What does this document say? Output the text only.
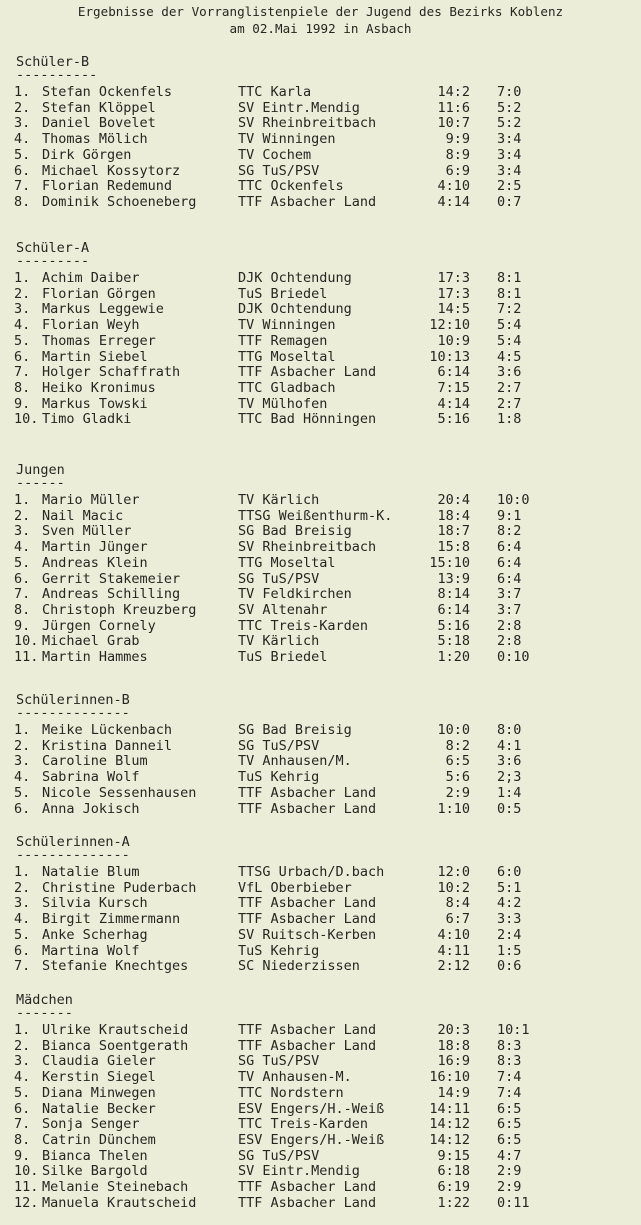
Ergebnisse der Vorranglistenpiele der Jugend des Bezirks Koblenz
am 02.Mai 1992 in Asbach
Schüler-B
----------
1. Stefan Ockenfels	TTC Karla	14:2 7:0
2. Stefan Klöppel	SV Eintr.Mendig	11:6 5:2
3. Daniel Bovelet	SV Rheinbreitbach	10:7 5:2
4. Thomas Mölich	TV Winningen	9:9 3:4
5. Dirk Görgen	TV Cochem	8:9 3:4
6. Michael Kossytorz	SG TuS/PSV	6:9 3:4
7. Florian Redemund	TTC Ockenfels	4:10 2:5
8. Dominik Schoeneberg	TTF Asbacher Land	4:14 0:7
Schüler-A
---------
1. Achim Daiber	DJK Ochtendung	17:3 8:1
2. Florian Görgen	TuS Briedel	17:3 8:1
3. Markus Leggewie	DJK Ochtendung	14:5 7:2
4. Florian Weyh	TV Winningen	12:10 5:4
5. Thomas Erreger	TTF Remagen	10:9 5:4
6. Martin Siebel	TTG Moseltal	10:13 4:5
7. Holger Schaffrath	TTF Asbacher Land	6:14 3:6
8. Heiko Kronimus	TTC Gladbach	7:15 2:7
9. Markus Towski	TV Mülhofen	4:14 2:7
10. Timo Gladki	TTC Bad Hönningen	5:16 1:8
Jungen
------
1. Mario Müller	TV Kärlich	20:4 10:0
2. Nail Macic	TTSG Weißenthurm-K.	18:4 9:1
3. Sven Müller	SG Bad Breisig	18:7 8:2
4. Martin Jünger	SV Rheinbreitbach	15:8 6:4
5. Andreas Klein	TTG Moseltal	15:10 6:4
6. Gerrit Stakemeier	SG TuS/PSV	13:9 6:4
7. Andreas Schilling	TV Feldkirchen	8:14 3:7
8. Christoph Kreuzberg	SV Altenahr	6:14 3:7
9. Jürgen Cornely	TTC Treis-Karden	5:16 2:8
10. Michael Grab	TV Kärlich	5:18 2:8
11. Martin Hammes	TuS Briedel	1:20 0:10
Schülerinnen-B
--------------
1. Meike Lückenbach	SG Bad Breisig	10:0 8:0
2. Kristina Danneil	SG TuS/PSV	8:2 4:1
3. Caroline Blum	TV Anhausen/M.	6:5 3:6
4. Sabrina Wolf	TuS Kehrig	5:6 2;3
5. Nicole Sessenhausen	TTF Asbacher Land	2:9 1:4
6. Anna Jokisch	TTF Asbacher Land	1:10 0:5
Schülerinnen-A
--------------
1. Natalie Blum	TTSG Urbach/D.bach	12:0 6:0
2. Christine Puderbach	VfL Oberbieber	10:2 5:1
3. Silvia Kursch	TTF Asbacher Land	8:4 4:2
4. Birgit Zimmermann	TTF Asbacher Land	6:7 3:3
5. Anke Scherhag	SV Ruitsch-Kerben	4:10 2:4
6. Martina Wolf	TuS Kehrig	4:11 1:5
7. Stefanie Knechtges	SC Niederzissen	2:12 0:6
Mädchen
-------
1. Ulrike Krautscheid	TTF Asbacher Land	20:3 10:1
2. Bianca Soentgerath	TTF Asbacher Land	18:8 8:3
3. Claudia Gieler	SG TuS/PSV	16:9 8:3
4. Kerstin Siegel	TV Anhausen-M.	16:10 7:4
5. Diana Minwegen	TTC Nordstern	14:9 7:4
6. Natalie Becker	ESV Engers/H.-Weiß	14:11 6:5
7. Sonja Senger	TTC Treis-Karden	14:12 6:5
8. Catrin Dünchem	ESV Engers/H.-Weiß	14:12 6:5
9. Bianca Thelen	SG TuS/PSV	9:15 4:7
10. Silke Bargold	SV Eintr.Mendig	6:18 2:9
11. Melanie Steinebach	TTF Asbacher Land	6:19 2:9
12. Manuela Krautscheid	TTF Asbacher Land	1:22 0:11
